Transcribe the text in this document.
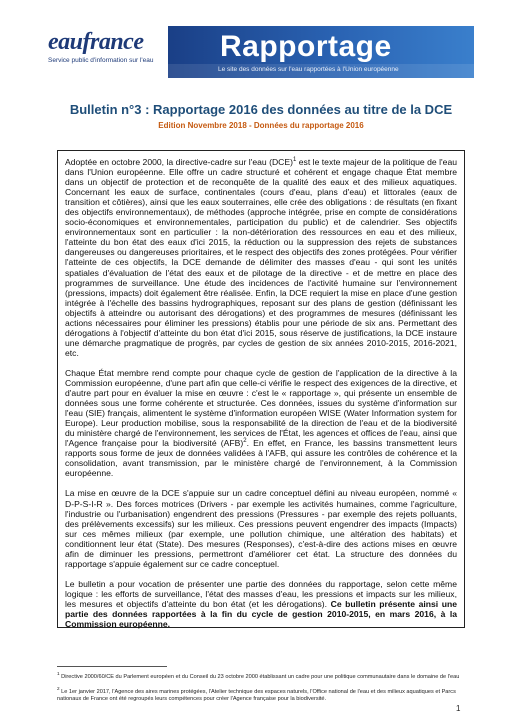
eaufrance
Service public d'information sur l'eau	Rapportage
Le site des données sur l'eau rapportées à l'Union européenne
Bulletin n°3 : Rapportage 2016 des données au titre de la DCE
Edition Novembre 2018 - Données du rapportage 2016

Adoptée en octobre 2000, la directive-cadre sur l'eau (DCE)$^1$ est le texte majeur de la politique de l'eau dans l'Union européenne. Elle offre un cadre structuré et cohérent et engage chaque État membre dans un objectif de protection et de reconquête de la qualité des eaux et des milieux aquatiques. Concernant les eaux de surface, continentales (cours d'eau, plans d'eau) et littorales (eaux de transition et côtières), ainsi que les eaux souterraines, elle crée des obligations : de résultats (en fixant des objectifs environnementaux), de méthodes (approche intégrée, prise en compte de considérations socio-économiques et environnementales, participation du public) et de calendrier. Ses objectifs environnementaux sont en particulier : la non-détérioration des ressources en eau et des milieux, l'atteinte du bon état des eaux d'ici 2015, la réduction ou la suppression des rejets de substances dangereuses ou dangereuses prioritaires, et le respect des objectifs des zones protégées. Pour vérifier l'atteinte de ces objectifs, la DCE demande de délimiter des masses d'eau - qui sont les unités spatiales d'évaluation de l'état des eaux et de pilotage de la directive - et de mettre en place des programmes de surveillance. Une étude des incidences de l'activité humaine sur l'environnement (pressions, impacts) doit également être réalisée. Enfin, la DCE requiert la mise en place d'une gestion intégrée à l'échelle des bassins hydrographiques, reposant sur des plans de gestion (définissant les objectifs à atteindre ou autorisant des dérogations) et des programmes de mesures (définissant les actions nécessaires pour éliminer les pressions) établis pour une période de six ans. Permettant des dérogations à l'objectif d'atteinte du bon état d'ici 2015, sous réserve de justifications, la DCE instaure une démarche pragmatique de progrès, par cycles de gestion de six années 2010-2015, 2016-2021, etc.

Chaque État membre rend compte pour chaque cycle de gestion de l'application de la directive à la Commission européenne, d'une part afin que celle-ci vérifie le respect des exigences de la directive, et d'autre part pour en évaluer la mise en œuvre : c'est le « rapportage », qui présente un ensemble de données sous une forme cohérente et structurée. Ces données, issues du système d'information sur l'eau (SIE) français, alimentent le système d'information européen WISE (Water Information system for Europe). Leur production mobilise, sous la responsabilité de la direction de l'eau et de la biodiversité du ministère chargé de l'environnement, les services de l'État, les agences et offices de l'eau, ainsi que l'Agence française pour la biodiversité (AFB)$^2$. En effet, en France, les bassins transmettent leurs rapports sous forme de jeux de données validées à l'AFB, qui assure les contrôles de cohérence et la consolidation, avant transmission, par le ministère chargé de l'environnement, à la Commission européenne.

La mise en œuvre de la DCE s'appuie sur un cadre conceptuel défini au niveau européen, nommé « D-P-S-I-R ». Des forces motrices (Drivers - par exemple les activités humaines, comme l'agriculture, l'industrie ou l'urbanisation) engendrent des pressions (Pressures - par exemple des rejets polluants, des prélèvements excessifs) sur les milieux. Ces pressions peuvent engendrer des impacts (Impacts) sur ces mêmes milieux (par exemple, une pollution chimique, une altération des habitats) et conditionnent leur état (State). Des mesures (Responses), c'est-à-dire des actions mises en œuvre afin de diminuer les pressions, permettront d'améliorer cet état. La structure des données du rapportage s'appuie également sur ce cadre conceptuel.

Le bulletin a pour vocation de présenter une partie des données du rapportage, selon cette même logique : les efforts de surveillance, l'état des masses d'eau, les pressions et impacts sur les milieux, les mesures et objectifs d'atteinte du bon état (et les dérogations). Ce bulletin présente ainsi une partie des données rapportées à la fin du cycle de gestion 2010-2015, en mars 2016, à la Commission européenne.

$^1$ Directive 2000/60/CE du Parlement européen et du Conseil du 23 octobre 2000 établissant un cadre pour une politique communautaire dans le domaine de l'eau
$^2$ Le 1er janvier 2017, l'Agence des aires marines protégées, l'Atelier technique des espaces naturels, l'Office national de l'eau et des milieux aquatiques et Parcs nationaux de France ont été regroupés leurs compétences pour créer l'Agence française pour la biodiversité.
1
